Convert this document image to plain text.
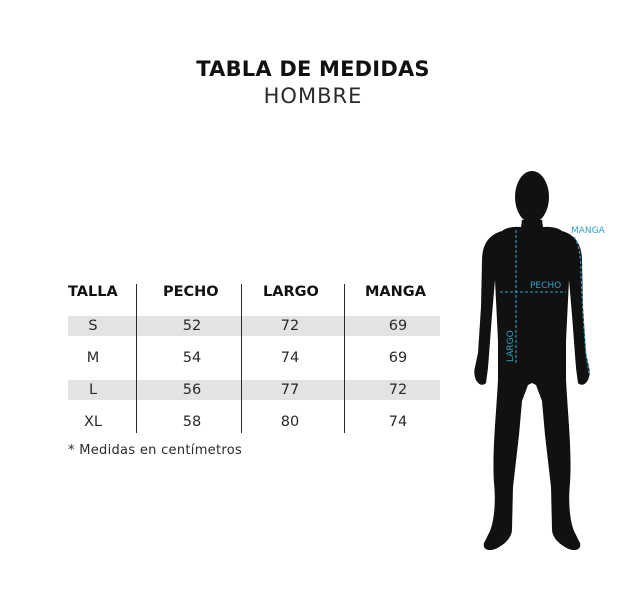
TABLA DE MEDIDAS
HOMBRE
TALLA	PECHO	LARGO	MANGA
S	52	72	69
M	54	74	69
L	56	77	72
XL	58	80	74
* Medidas en centímetros
MANGA
PECHO
LARGO
